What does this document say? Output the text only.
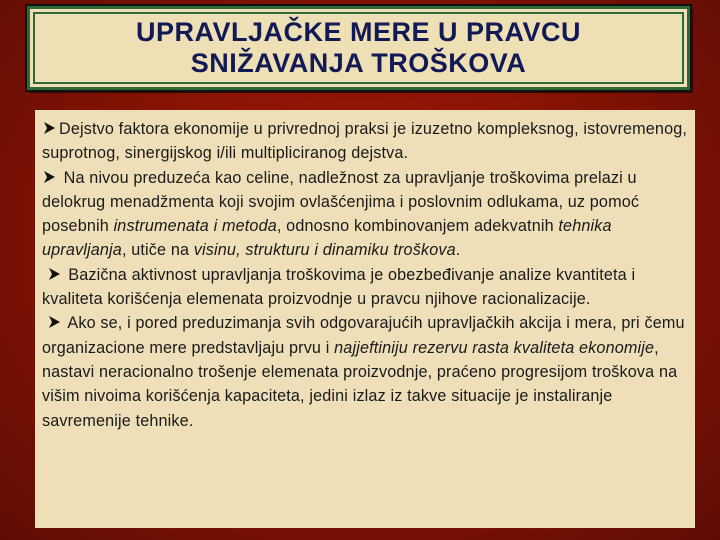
UPRAVLJAČKE MERE U PRAVCU
SNIŽAVANJA TROŠKOVA

Dejstvo faktora ekonomije u privrednoj praksi je izuzetno kompleksnog, istovremenog, suprotnog, sinergijskog i/ili multipliciranog dejstva.

Na nivou preduzeća kao celine, nadležnost za upravljanje troškovima prelazi u delokrug menadžmenta koji svojim ovlašćenjima i poslovnim odlukama, uz pomoć posebnih instrumenata i metoda, odnosno kombinovanjem adekvatnih tehnika upravljanja, utiče na visinu, strukturu i dinamiku troškova.

Bazična aktivnost upravljanja troškovima je obezbeđivanje analize kvantiteta i kvaliteta korišćenja elemenata proizvodnje u pravcu njihove racionalizacije.

Ako se, i pored preduzimanja svih odgovarajućih upravljačkih akcija i mera, pri čemu organizacione mere predstavljaju prvu i najjeftiniju rezervu rasta kvaliteta ekonomije, nastavi neracionalno trošenje elemenata proizvodnje, praćeno progresijom troškova na višim nivoima korišćenja kapaciteta, jedini izlaz iz takve situacije je instaliranje savremenije tehnike.
